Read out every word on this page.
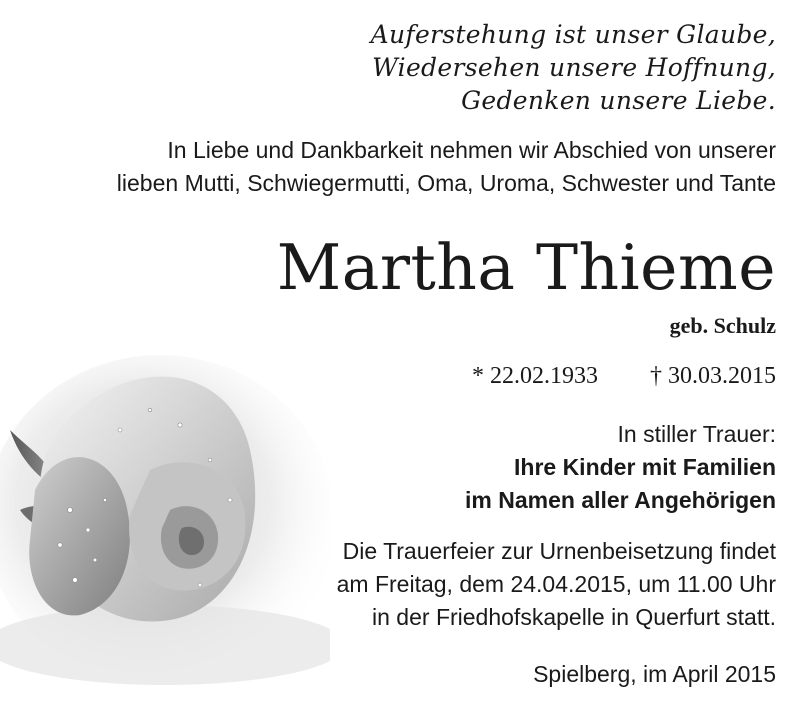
Auferstehung ist unser Glaube,
Wiedersehen unsere Hoffnung,
Gedenken unsere Liebe.
In Liebe und Dankbarkeit nehmen wir Abschied von unserer
lieben Mutti, Schwiegermutti, Oma, Uroma, Schwester und Tante
Martha Thieme
geb. Schulz
* 22.02.1933 † 30.03.2015
In stiller Trauer:
Ihre Kinder mit Familien
im Namen aller Angehörigen
Die Trauerfeier zur Urnenbeisetzung findet
am Freitag, dem 24.04.2015, um 11.00 Uhr
in der Friedhofskapelle in Querfurt statt.
Spielberg, im April 2015
